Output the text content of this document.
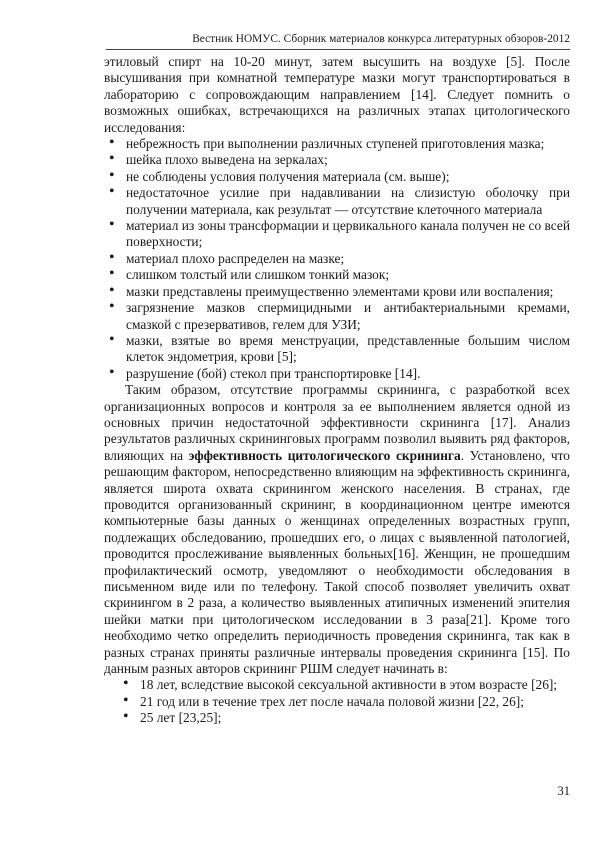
Вестник НОМУС. Сборник материалов конкурса литературных обзоров-2012

этиловый спирт на 10-20 минут, затем высушить на воздухе [5]. После высушивания при комнатной температуре мазки могут транспортироваться в лабораторию с сопровождающим направлением [14]. Следует помнить о возможных ошибках, встречающихся на различных этапах цитологического исследования:

• небрежность при выполнении различных ступеней приготовления мазка;
• шейка плохо выведена на зеркалах;
• не соблюдены условия получения материала (см. выше);
• недостаточное усилие при надавливании на слизистую оболочку при получении материала, как результат — отсутствие клеточного материала
• материал из зоны трансформации и цервикального канала получен не со всей поверхности;
• материал плохо распределен на мазке;
• слишком толстый или слишком тонкий мазок;
• мазки представлены преимущественно элементами крови или воспаления;
• загрязнение мазков спермицидными и антибактериальными кремами, смазкой с презервативов, гелем для УЗИ;
• мазки, взятые во время менструации, представленные большим числом клеток эндометрия, крови [5];
• разрушение (бой) стекол при транспортировке [14].

Таким образом, отсутствие программы скрининга, с разработкой всех организационных вопросов и контроля за ее выполнением является одной из основных причин недостаточной эффективности скрининга [17]. Анализ результатов различных скрининговых программ позволил выявить ряд факторов, влияющих на эффективность цитологического скрининга. Установлено, что решающим фактором, непосредственно влияющим на эффективность скрининга, является широта охвата скринингом женского населения. В странах, где проводится организованный скрининг, в координационном центре имеются компьютерные базы данных о женщинах определенных возрастных групп, подлежащих обследованию, прошедших его, о лицах с выявленной патологией, проводится прослеживание выявленных больных[16]. Женщин, не прошедшим профилактический осмотр, уведомляют о необходимости обследования в письменном виде или по телефону. Такой способ позволяет увеличить охват скринингом в 2 раза, а количество выявленных атипичных изменений эпителия шейки матки при цитологическом исследовании в 3 раза[21]. Кроме того необходимо четко определить периодичность проведения скрининга, так как в разных странах приняты различные интервалы проведения скрининга [15]. По данным разных авторов скрининг РШМ следует начинать в:

• 18 лет, вследствие высокой сексуальной активности в этом возрасте [26];
• 21 год или в течение трех лет после начала половой жизни [22, 26];
• 25 лет [23,25];
31
